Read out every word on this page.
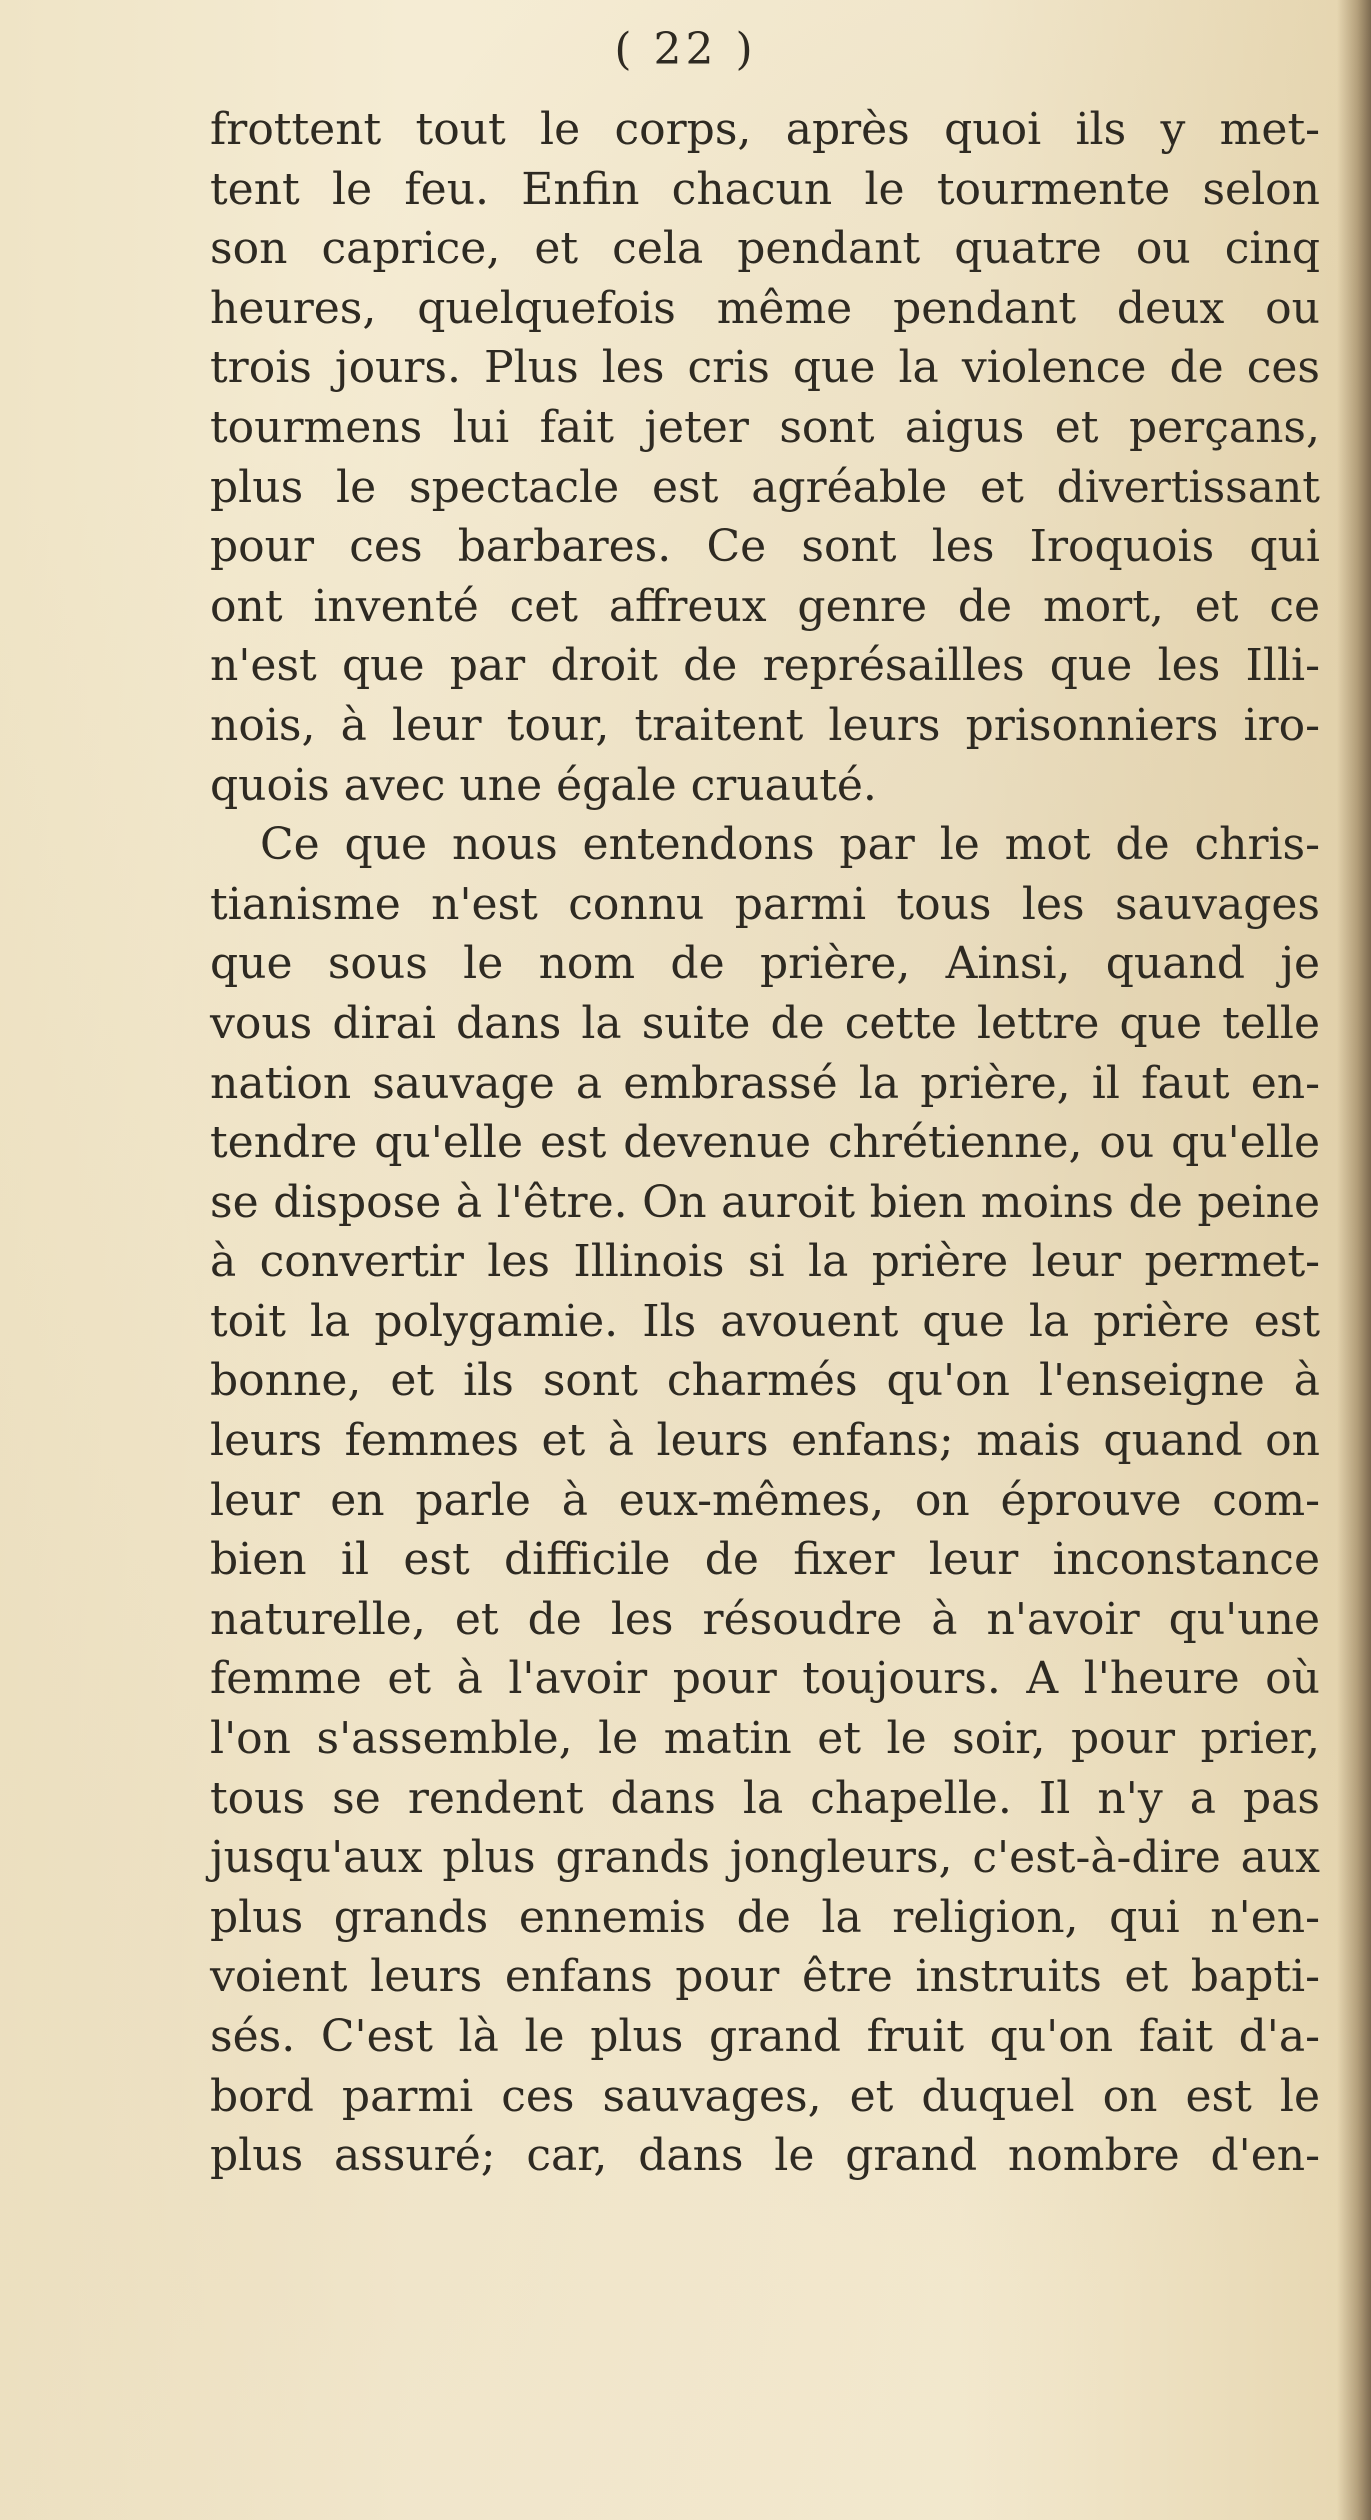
( 22 )
frottent tout le corps, après quoi ils y met-
tent le feu. Enfin chacun le tourmente selon
son caprice, et cela pendant quatre ou cinq
heures, quelquefois même pendant deux ou
trois jours. Plus les cris que la violence de ces
tourmens lui fait jeter sont aigus et perçans,
plus le spectacle est agréable et divertissant
pour ces barbares. Ce sont les Iroquois qui
ont inventé cet affreux genre de mort, et ce
n'est que par droit de représailles que les Illi-
nois, à leur tour, traitent leurs prisonniers iro-
quois avec une égale cruauté.
Ce que nous entendons par le mot de chris-
tianisme n'est connu parmi tous les sauvages
que sous le nom de prière, Ainsi, quand je
vous dirai dans la suite de cette lettre que telle
nation sauvage a embrassé la prière, il faut en-
tendre qu'elle est devenue chrétienne, ou qu'elle
se dispose à l'être. On auroit bien moins de peine
à convertir les Illinois si la prière leur permet-
toit la polygamie. Ils avouent que la prière est
bonne, et ils sont charmés qu'on l'enseigne à
leurs femmes et à leurs enfans; mais quand on
leur en parle à eux-mêmes, on éprouve com-
bien il est difficile de fixer leur inconstance
naturelle, et de les résoudre à n'avoir qu'une
femme et à l'avoir pour toujours. A l'heure où
l'on s'assemble, le matin et le soir, pour prier,
tous se rendent dans la chapelle. Il n'y a pas
jusqu'aux plus grands jongleurs, c'est-à-dire aux
plus grands ennemis de la religion, qui n'en-
voient leurs enfans pour être instruits et bapti-
sés. C'est là le plus grand fruit qu'on fait d'a-
bord parmi ces sauvages, et duquel on est le
plus assuré; car, dans le grand nombre d'en-
